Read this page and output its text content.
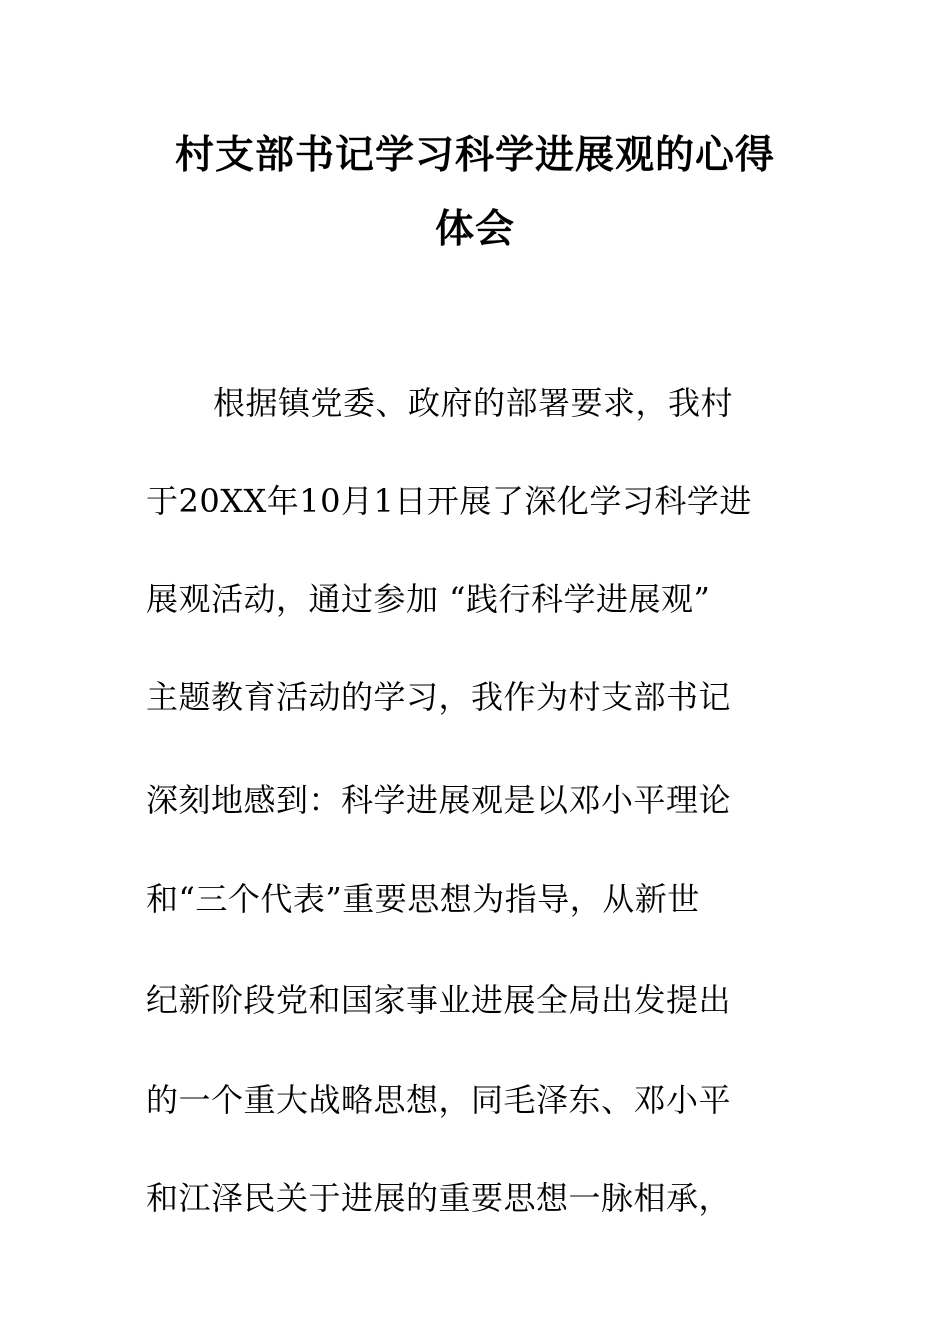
村支部书记学习科学进展观的心得
体会
根据镇党委、政府的部署要求，我村
于20XX年10月1日开展了深化学习科学进
展观活动，通过参加 “践行科学进展观”
主题教育活动的学习，我作为村支部书记
深刻地感到：科学进展观是以邓小平理论
和“三个代表”重要思想为指导，从新世
纪新阶段党和国家事业进展全局出发提出
的一个重大战略思想，同毛泽东、邓小平
和江泽民关于进展的重要思想一脉相承，
